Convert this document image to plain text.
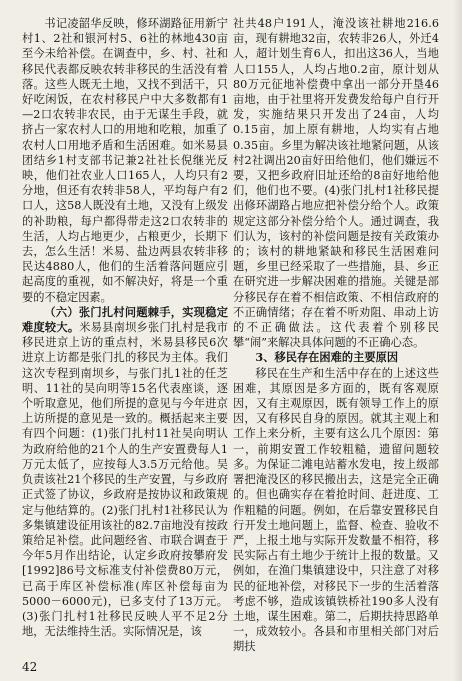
书记凌韶华反映，修环湖路征用新宁村1、2社和银河村5、6社的林地430亩至今未给补偿。在调查中，乡、村、社和移民代表都反映农转非移民的生活没有着落。这些人既无土地，又找不到活干，只好吃闲饭，在农村移民户中大多数都有1—2口农转非农民，由于无谋生手段，就挤占一家农村人口的用地和吃粮，加重了农村人口用地矛盾和生活困难。如米易县团结乡1村支部书记兼2社社长倪继光反映，他们社农业人口165人，人均只有2分地，但还有农转非58人，平均每户有2口人，这58人既没有土地，又没有上级发的补助粮，每户都得带走这2口农转非的生活，人均占地更少，占粮更少，长期下去，怎么生活！米易、盐边两县农转非移民达4880人，他们的生活着落问题应引起高度的重视，如不解决好，将是一个重要的不稳定因素。

（六）张门扎村问题棘手，实现稳定难度较大。米易县南坝乡张门扎村是我市移民进京上访的重点村，米易县移民6次进京上访都是张门扎的移民为主体。我们这次专程到南坝乡，与张门扎1社的任芝明、11社的吴向明等15名代表座谈，逐个听取意见，他们所提的意见与今年进京上访所提的意见是一致的。概括起来主要有四个问题：(1)张门扎村11社吴向明认为政府给他的21个人的生产安置费每人1万元太低了，应按每人3.5万元给他。吴负责该社21个移民的生产安置，与乡政府正式签了协议，乡政府是按协议和政策规定与他结算的。(2)张门扎村1社移民认为多集镇建设征用该社的82.7亩地没有按政策给足补偿。此问题经省、市联合调查于今年5月作出结论，认定乡政府按攀府发[1992]86号文标准支付补偿费80万元，已高于库区补偿标准(库区补偿每亩为5000－6000元)，已多支付了13万元。(3)张门扎村1社移民反映人平不足2分地，无法维持生活。实际情况是，该

社共48户191人，淹没该社耕地216.6亩，现有耕地32亩，农转非26人，外迁4人，超计划生育6人，扣出这36人，当地人口155人，人均占地0.2亩，原计划从80万元征地补偿费中拿出一部分开垦46亩地，由于社里将开发费发给每户自行开发，实施结果只开发出了24亩，人均0.15亩，加上原有耕地，人均实有占地0.35亩。乡里为解决该社地紧问题，从该村2社调出20亩好田给他们，他们嫌远不要，又把乡政府旧址还给的8亩好地给他们，他们也不要。(4)张门扎村1社移民提出修环湖路占地应把补偿分给个人。政策规定这部分补偿分给个人。通过调查，我们认为，该村的补偿问题是按有关政策办的；该村的耕地紧缺和移民生活困难问题，乡里已经采取了一些措施，县、乡正在研究进一步解决困难的措施。关键是部分移民存在着不相信政策、不相信政府的不正确情绪；存在着不听劝阻、串动上访的不正确做法。这代表着个别移民攀“闹”来解决具体问题的不正确心态。

3、移民存在困难的主要原因

移民在生产和生活中存在的上述这些困难，其原因是多方面的，既有客观原因，又有主观原因，既有领导工作上的原因，又有移民自身的原因。就其主观上和工作上来分析，主要有这么几个原因：第一，前期安置工作较粗糙，遗留问题较多。为保证二滩电站蓄水发电，按上级部署把淹没区的移民搬出去，这是完全正确的。但也确实存在着抢时间、赶进度、工作粗糙的问题。例如，在后靠安置移民自行开发土地问题上，监督、检查、验收不严，上报土地与实际开发数量不相符，移民实际占有土地少于统计上报的数量。又例如，在渔门集镇建设中，只注意了对移民的征地补偿，对移民下一步的生活着落考虑不够，造成该镇铁桥社190多人没有土地，谋生困难。第二，后期扶持思路单一，成效较小。各县和市里相关部门对后期扶

42
